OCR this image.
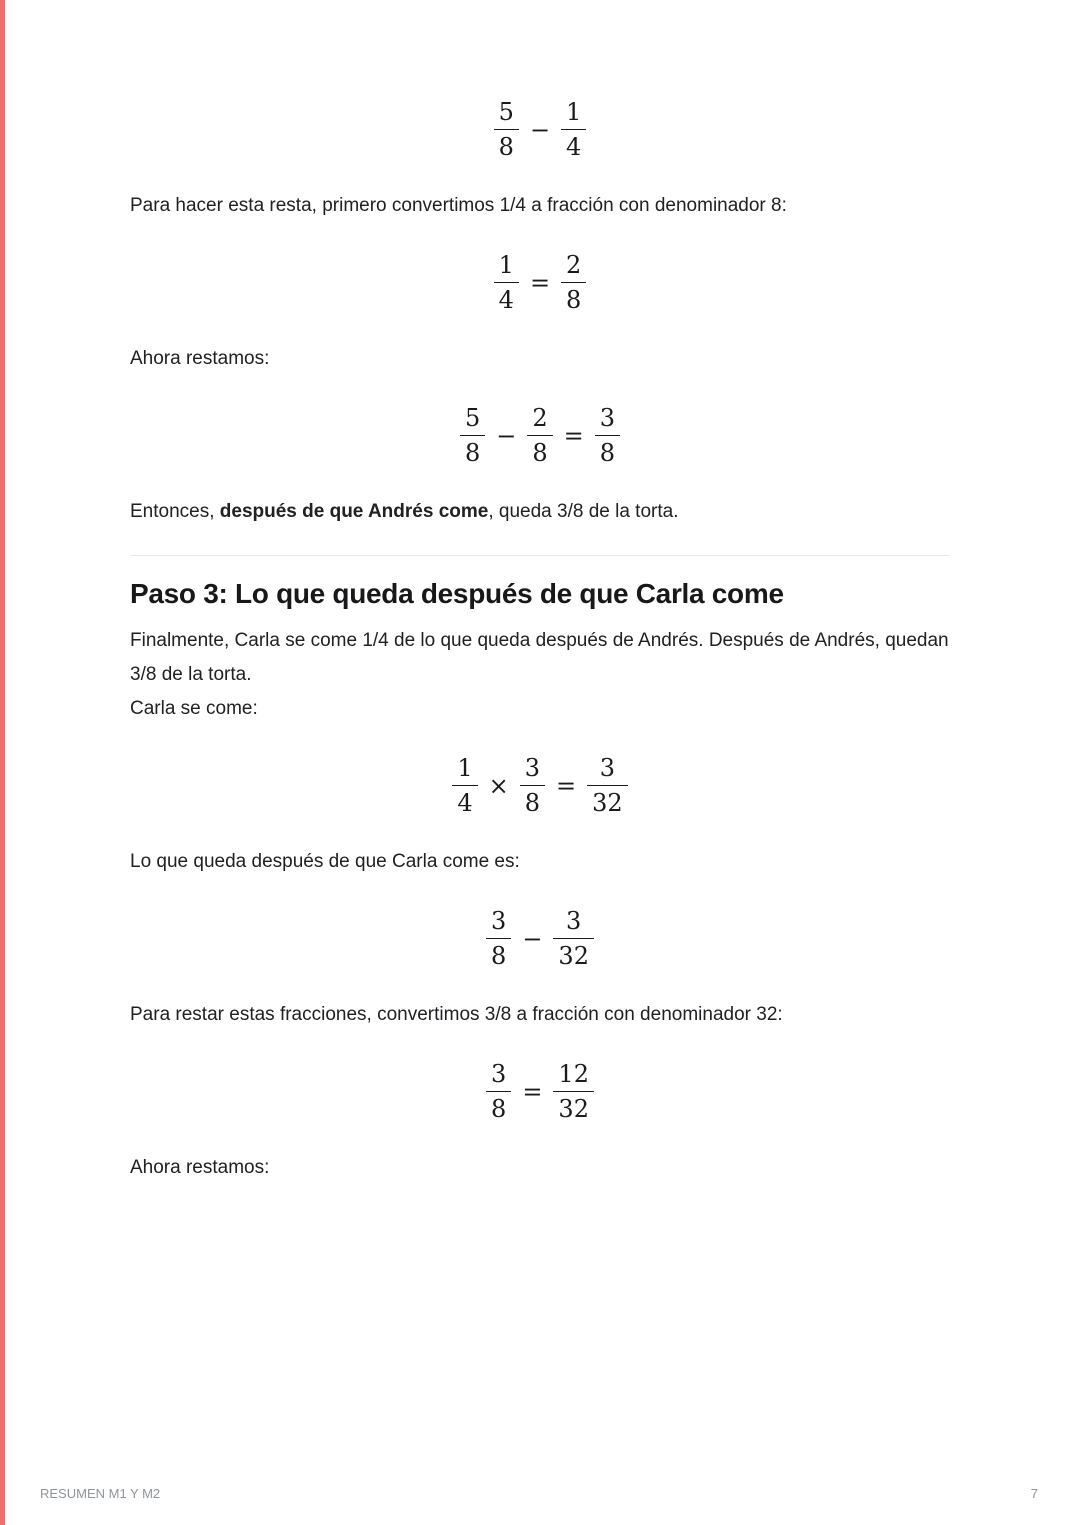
$\frac{5}{8} - \frac{1}{4}$

Para hacer esta resta, primero convertimos 1/4 a fracción con denominador 8:

$\frac{1}{4} = \frac{2}{8}$

Ahora restamos:

$\frac{5}{8} - \frac{2}{8} = \frac{3}{8}$

Entonces, después de que Andrés come, queda 3/8 de la torta.

Paso 3: Lo que queda después de que Carla come

Finalmente, Carla se come 1/4 de lo que queda después de Andrés. Después de Andrés, quedan 3/8 de la torta.

Carla se come:

$\frac{1}{4} \times \frac{3}{8} = \frac{3}{32}$

Lo que queda después de que Carla come es:

$\frac{3}{8} - \frac{3}{32}$

Para restar estas fracciones, convertimos 3/8 a fracción con denominador 32:

$\frac{3}{8} = \frac{12}{32}$

Ahora restamos:

RESUMEN M1 Y M2	7
